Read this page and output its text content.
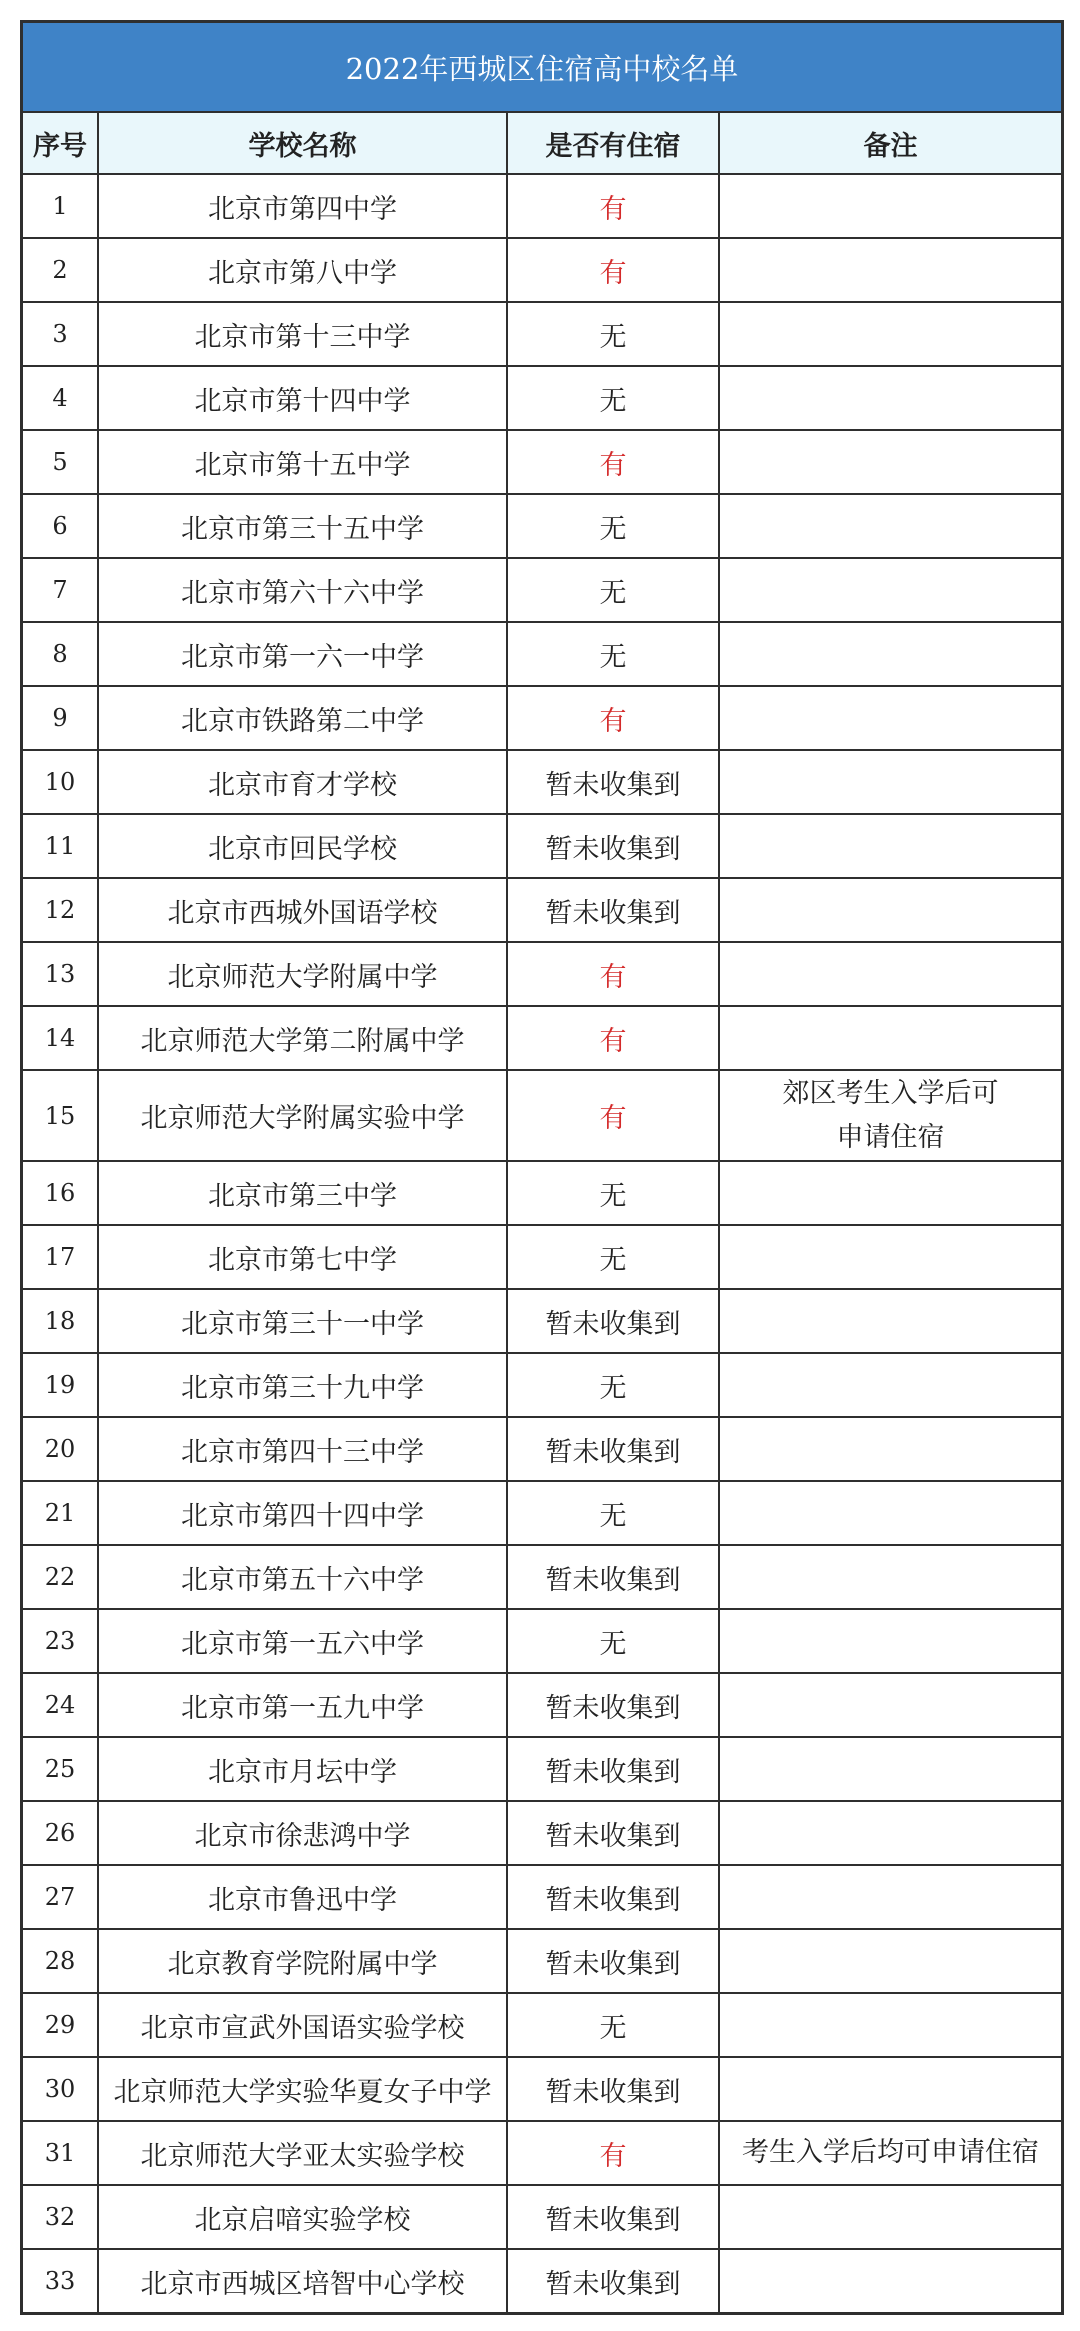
2022年西城区住宿高中校名单
序号	学校名称	是否有住宿	备注
1	北京市第四中学	有	
2	北京市第八中学	有	
3	北京市第十三中学	无	
4	北京市第十四中学	无	
5	北京市第十五中学	有	
6	北京市第三十五中学	无	
7	北京市第六十六中学	无	
8	北京市第一六一中学	无	
9	北京市铁路第二中学	有	
10	北京市育才学校	暂未收集到	
11	北京市回民学校	暂未收集到	
12	北京市西城外国语学校	暂未收集到	
13	北京师范大学附属中学	有	
14	北京师范大学第二附属中学	有	
15	北京师范大学附属实验中学	有	郊区考生入学后可
申请住宿
16	北京市第三中学	无	
17	北京市第七中学	无	
18	北京市第三十一中学	暂未收集到	
19	北京市第三十九中学	无	
20	北京市第四十三中学	暂未收集到	
21	北京市第四十四中学	无	
22	北京市第五十六中学	暂未收集到	
23	北京市第一五六中学	无	
24	北京市第一五九中学	暂未收集到	
25	北京市月坛中学	暂未收集到	
26	北京市徐悲鸿中学	暂未收集到	
27	北京市鲁迅中学	暂未收集到	
28	北京教育学院附属中学	暂未收集到	
29	北京市宣武外国语实验学校	无	
30	北京师范大学实验华夏女子中学	暂未收集到	
31	北京师范大学亚太实验学校	有	考生入学后均可申请住宿
32	北京启喑实验学校	暂未收集到	
33	北京市西城区培智中心学校	暂未收集到	
